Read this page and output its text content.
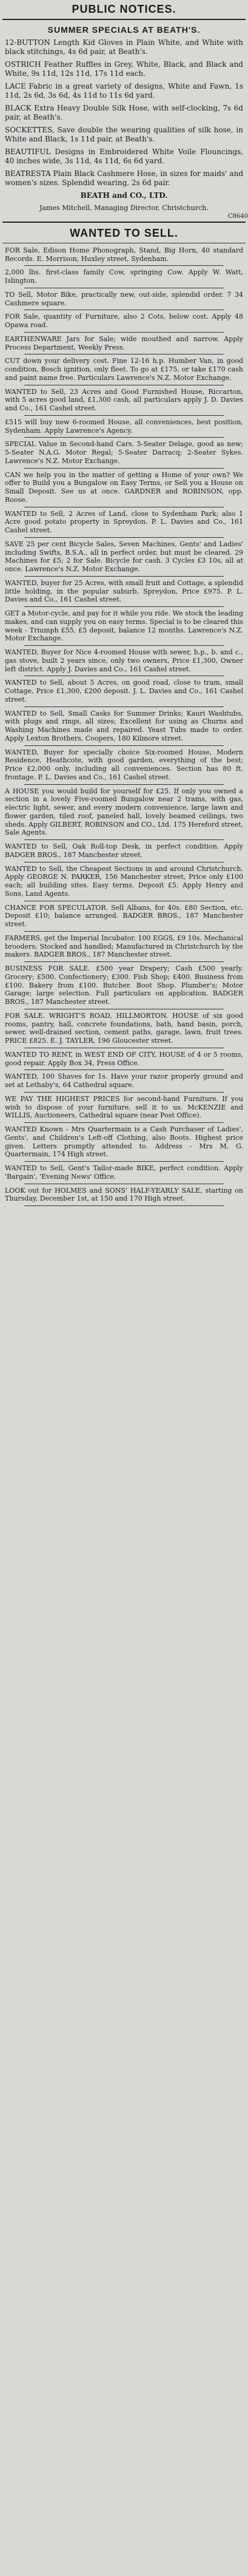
PUBLIC NOTICES.
SUMMER SPECIALS AT BEATH'S.
12-BUTTON Length Kid Gloves in Plain White, and White with black stitchings, 4s 6d pair, at Beath's.
OSTRICH Feather Ruffles in Grey, White, Black, and Black and White, 9s 11d, 12s 11d, 17s 11d each.
LACE Fabric in a great variety of designs, White and Fawn, 1s 11d, 2s 6d, 3s 6d, 4s 11d to 11s 6d yard.
BLACK Extra Heavy Double Silk Hose, with self-clocking, 7s 6d pair, at Beath's.
SOCKETTES, Save double the wearing qualities of silk hose, in White and Black, 1s 11d pair, at Beath's.
BEAUTIFUL Designs in Embroidered White Voile Flouncings, 40 inches wide, 3s 11d, 4s 11d, 6s 6d yard.
BEATRESTA Plain Black Cashmere Hose, in sizes for maids' and women's sizes. Splendid wearing, 2s 6d pair.
BEATH and CO., LTD.
James Mitchell, Managing Director, Christchurch.
C8640
WANTED TO SELL.
FOR Sale, Edison Home Phonograph, Stand, Big Horn, 40 standard Records. E. Morrison, Huxley street, Sydenham.
2,000 lbs. first-class family Cow, springing Cow. Apply W. Watt, Islington.
TO Sell, Motor Bike, practically new, out-side, splendid order. 7 34 Cashmere square.
FOR Sale, quantity of Furniture, also 2 Cots, below cost. Apply 48 Opawa road.
EARTHENWARE Jars for Sale; wide mouthed and narrow. Apply Process Department, Weekly Press.
CUT down your delivery cost. Fine 12-16 h.p. Humber Van, in good condition, Bosch ignition, only fleet. To go at £175, or take £170 cash and paint name free. Particulars Lawrence's N.Z. Motor Exchange.
WANTED to Sell, 23 Acres and Good Furnished House, Riccarton, with 5 acres good land, £1,300 cash, all particulars apply J. D. Davies and Co., 161 Cashel street.
£515 will buy new 6-roomed House, all conveniences, best position, Sydenham. Apply Lawrence's Agency.
SPECIAL Value in Second-hand Cars. 5-Seater Delage, good as new; 5-Seater N.A.G. Motor Regal; 5-Seater Darracq; 2-Seater Sykes. Lawrence's N.Z. Motor Exchange.
CAN we help you in the matter of getting a Home of your own? We offer to Build you a Bungalow on Easy Terms, or Sell you a House on Small Deposit. See us at once. GARDNER and ROBINSON, opp. Roose.
WANTED to Sell, 2 Acres of Land, close to Sydenham Park; also 1 Acre good potato property in Spreydon. P. L. Davies and Co., 161 Cashel street.
SAVE 25 per cent Bicycle Sales, Seven Machines, Gents' and Ladies' including Swifts, B.S.A., all in perfect order, but must be cleared. 29 Machines for £5; 2 for Sale. Bicycle for cash. 3 Cycles £3 10s, all at once. Lawrence's N.Z. Motor Exchange.
WANTED, buyer for 25 Acres, with small fruit and Cottage, a splendid little holding, in the popular suburb, Spreydon, Price £975. P. L. Davies and Co., 161 Cashel street.
GET a Motor-cycle, and pay for it while you ride. We stock the leading makes, and can supply you on easy terms. Special is to be cleared this week - Triumph £55, £5 deposit, balance 12 months. Lawrence's N.Z. Motor Exchange.
WANTED, Buyer for Nice 4-roomed House with sewer, h.p., b. and c., gas stove, built 2 years since, only two owners, Price £1,300, Owner left district. Apply J. Davies and Co., 161 Cashel street.
WANTED to Sell, about 5 Acres, on good road, close to tram, small Cottage, Price £1,300, £200 deposit. J. L. Davies and Co., 161 Cashel street.
WANTED to Sell, Small Casks for Summer Drinks; Kauri Washtubs, with plugs and rings, all sizes; Excellent for using as Churns and Washing Machines made and repaired. Yeast Tubs made to order. Apply Lexton Brothers, Coopers, 180 Kilmore street.
WANTED, Buyer for specially choice Six-roomed House, Modern Residence, Heathcote, with good garden, everything of the best; Price £2,000 only, including all conveniences. Section has 80 ft. frontage. P. L. Davies and Co., 161 Cashel street.
A HOUSE you would build for yourself for £25. If only you owned a section in a lovely Five-roomed Bungalow near 2 trams, with gas, electric light, sewer, and every modern convenience, large lawn and flower garden, tiled roof, paneled hall, lovely beamed ceilings, two sheds. Apply GILBERT, ROBINSON and CO., Ltd. 175 Hereford street, Sale Agents.
WANTED to Sell, Oak Roll-top Desk, in perfect condition. Apply BADGER BROS., 187 Manchester street.
WANTED to Sell, the Cheapest Sections in and around Christchurch. Apply GEORGE N. PARKER, 156 Manchester street, Price only £100 each; all building sites. Easy terms. Deposit £5. Apply Henry and Sons, Land Agents.
CHANCE FOR SPECULATOR. Sell Albans, for 40s. £80 Section, etc. Deposit £10; balance arranged. BADGER BROS., 187 Manchester street.
FARMERS, get the Imperial Incubator. 100 EGGS, £9 10s. Mechanical brooders; Stocked and handled; Manufactured in Christchurch by the makers. BADGER BROS., 187 Manchester street.
BUSINESS FOR SALE. £500 year Drapery; Cash £500 yearly. Grocery; £500. Confectionery; £300. Fish Shop; £400. Business from £100. Bakery from £100. Butcher. Boot Shop. Plumber's; Motor Garage; large selection. Full particulars on application. BADGER BROS., 187 Manchester street.
FOR SALE. WRIGHT'S ROAD, HILLMORTON. HOUSE of six good rooms, pantry, hall, concrete foundations, bath, hand basin, porch, sewer, well-drained section, cement paths, garage, lawn, fruit trees. PRICE £825. E. J. TAYLER, 196 Gloucester street.
WANTED TO RENT, in WEST END OF CITY, HOUSE of 4 or 5 rooms, good repair. Apply Box 34, Press Office.
WANTED, 100 Shaves for 1s. Have your razor properly ground and set at Lethaby's, 64 Cathedral square.
WE PAY THE HIGHEST PRICES for second-hand Furniture. If you wish to dispose of your furniture, sell it to us. McKENZIE and WILLIS, Auctioneers, Cathedral square (near Post Office).
WANTED Known - Mrs Quartermain is a Cash Purchaser of Ladies', Gents', and Children's Left-off Clothing, also Boots. Highest price given. Letters promptly attended to. Address - Mrs M. G. Quartermain, 174 High street.
WANTED to Sell, Gent's Tailor-made BIKE, perfect condition. Apply 'Bargain', 'Evening News' Office.
LOOK out for HOLMES and SONS' HALF-YEARLY SALE, starting on Thursday, December 1st, at 150 and 170 High street.
